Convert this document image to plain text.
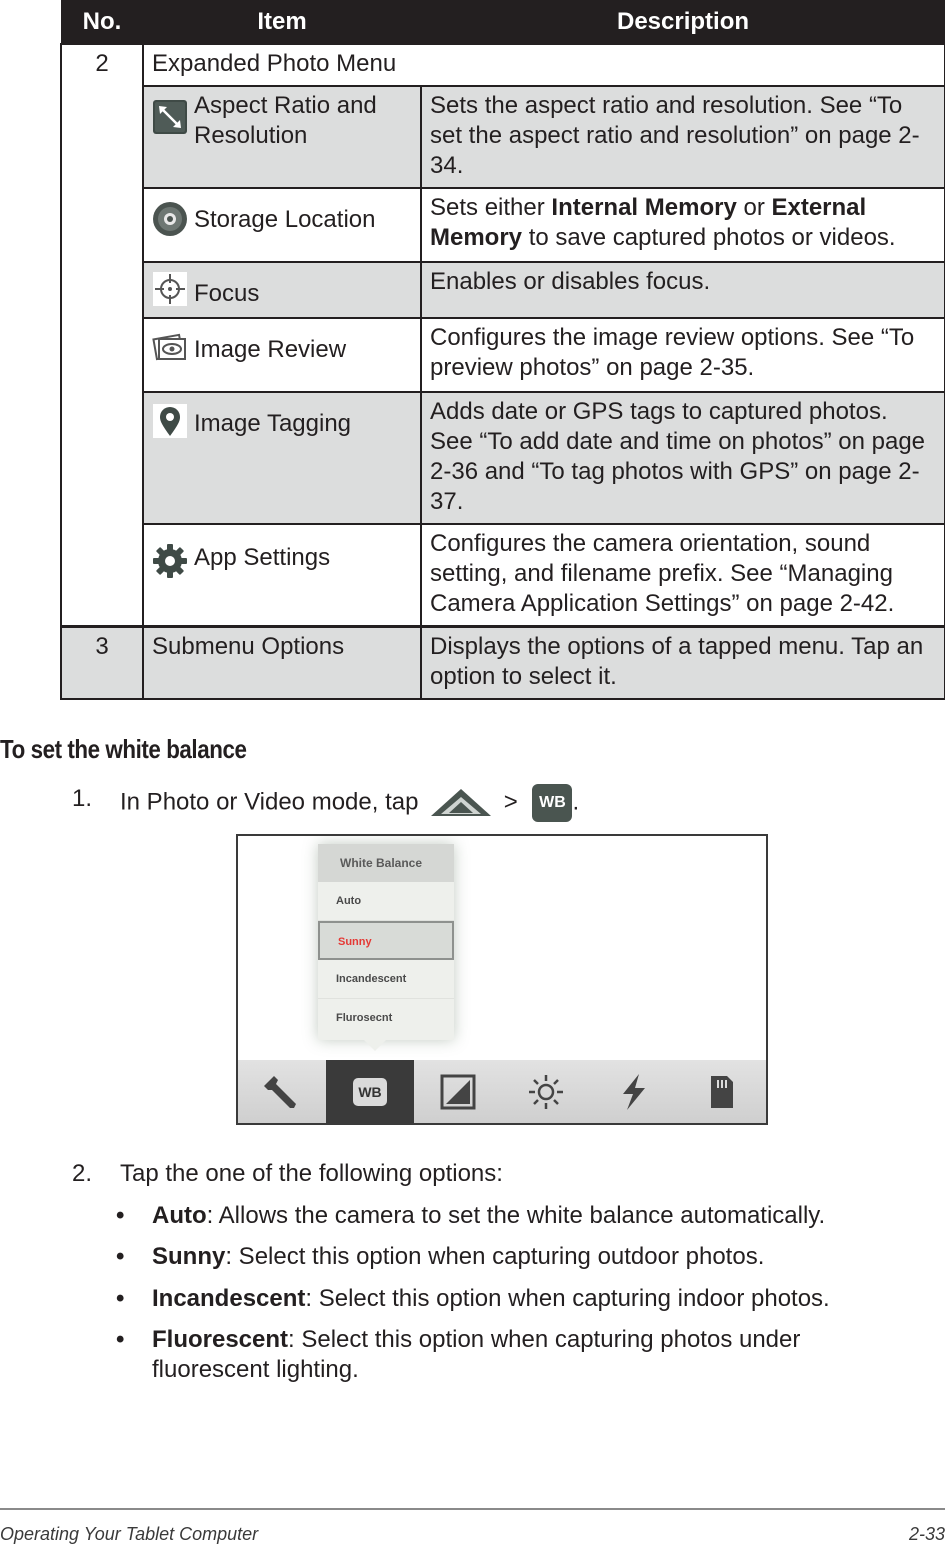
No.	Item	Description
2	Expanded Photo Menu	

	Aspect Ratio and Resolution	Sets the aspect ratio and resolution. See “To set the aspect ratio and resolution” on page 2-34.

	Storage Location	Sets either Internal Memory or External Memory to save captured photos or videos.

	Focus	Enables or disables focus.

	Image Review	Configures the image review options. See “To preview photos” on page 2-35.

	Image Tagging	Adds date or GPS tags to captured photos. See “To add date and time on photos” on page 2-36 and “To tag photos with GPS” on page 2-37.

	App Settings	Configures the camera orientation, sound setting, and filename prefix. See “Managing Camera Application Settings” on page 2-42.
3	Submenu Options	Displays the options of a tapped menu. Tap an option to select it.
To set the white balance
1. In Photo or Video mode, tap	> WB .
White Balance
Auto
Sunny
Incandescent
Flurosecnt
WB
2. Tap the one of the following options:
• Auto: Allows the camera to set the white balance automatically.
• Sunny: Select this option when capturing outdoor photos.
• Incandescent: Select this option when capturing indoor photos.
• Fluorescent: Select this option when capturing photos under fluorescent lighting.
Operating Your Tablet Computer	2-33
